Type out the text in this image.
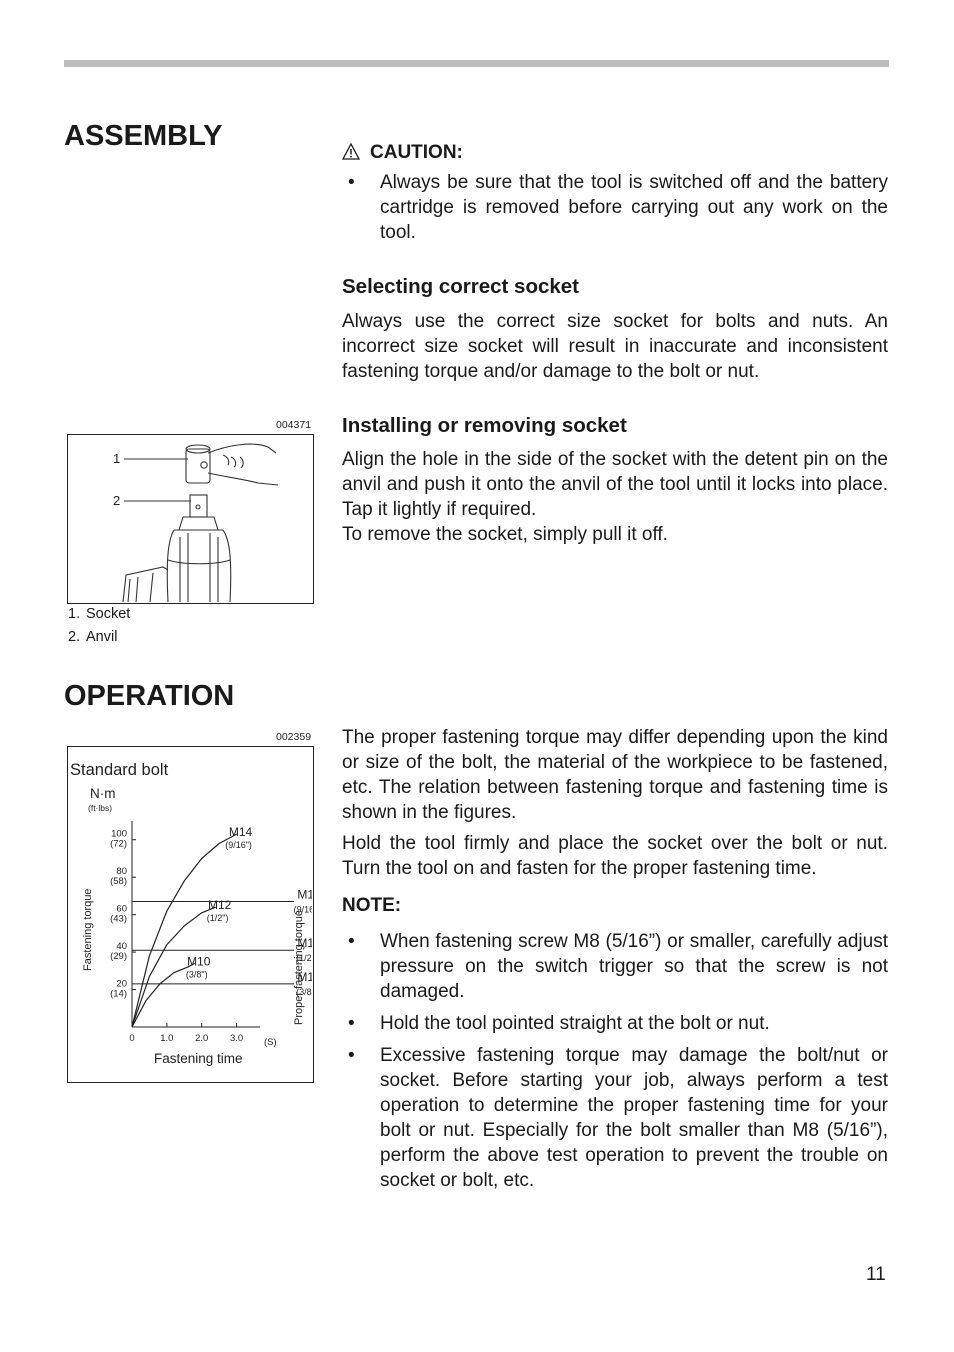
ASSEMBLY
CAUTION:
• Always be sure that the tool is switched off and the battery cartridge is removed before carrying out any work on the tool.
Selecting correct socket

Always use the correct size socket for bolts and nuts. An incorrect size socket will result in inaccurate and inconsistent fastening torque and/or damage to the bolt or nut.

Installing or removing socket

Align the hole in the side of the socket with the detent pin on the anvil and push it onto the anvil of the tool until it locks into place. Tap it lightly if required.
To remove the socket, simply pull it off.

004371
1
2
1. Socket
2. Anvil
OPERATION

The proper fastening torque may differ depending upon the kind or size of the bolt, the material of the workpiece to be fastened, etc. The relation between fastening torque and fastening time is shown in the figures.

Hold the tool firmly and place the socket over the bolt or nut. Turn the tool on and fasten for the proper fastening time.

NOTE:
• When fastening screw M8 (5/16”) or smaller, carefully adjust pressure on the switch trigger so that the screw is not damaged.
• Hold the tool pointed straight at the bolt or nut.
• Excessive fastening torque may damage the bolt/nut or socket. Before starting your job, always perform a test operation to determine the proper fastening time for your bolt or nut. Especially for the bolt smaller than M8 (5/16”), perform the above test operation to prevent the trouble on socket or bolt, etc.
002359
Standard bolt
N·m
(ft·lbs)
Fastening time
(S)
Fastening torque	Proper fastening torque
20
(14)
40
(29)
60
(43)
80
(58)
100
(72)
0	1.0 2.0 3.0
M1
(9/16
M1
(1/2
M1
(3/8
M14
(9/16")
M12
(1/2")
M10
(3/8")
11
